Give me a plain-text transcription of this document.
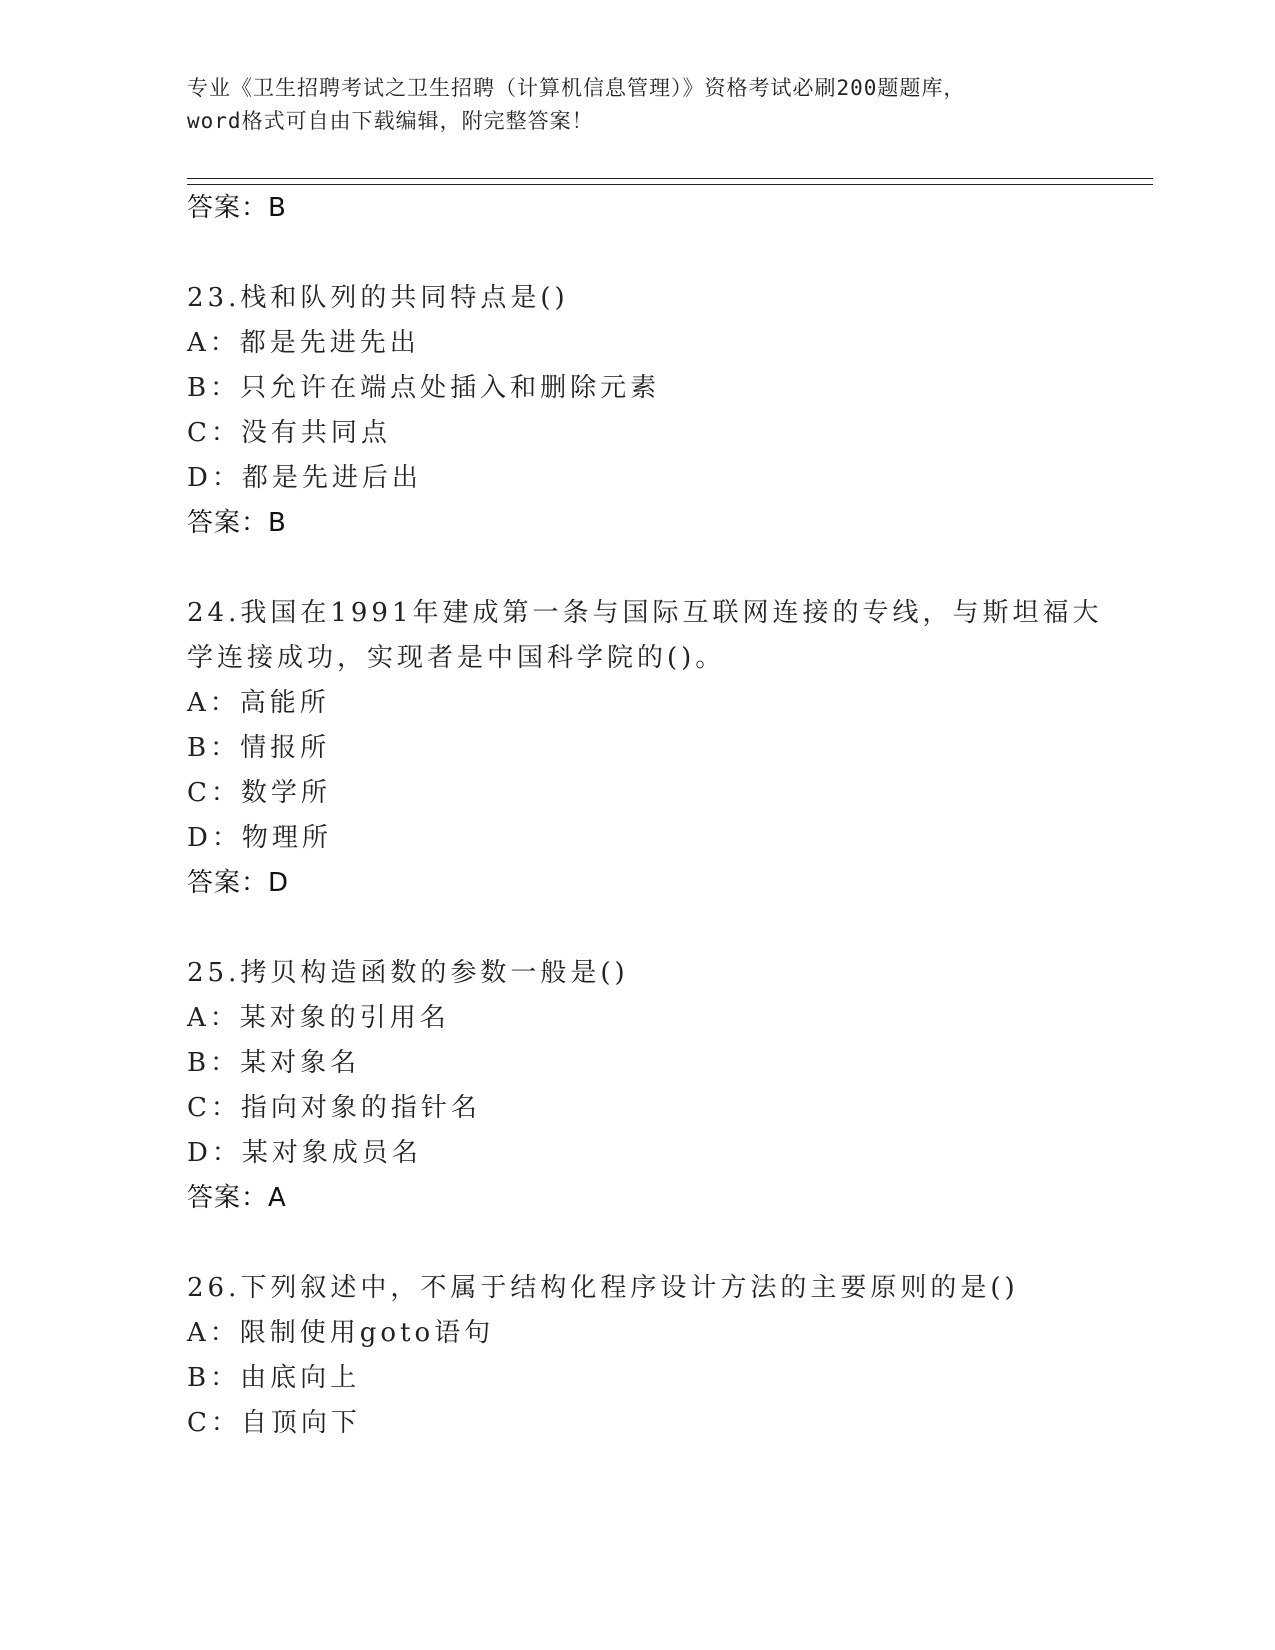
专业《卫生招聘考试之卫生招聘（计算机信息管理）》资格考试必刷200题题库，
word格式可自由下载编辑，附完整答案！
答案：B
23.栈和队列的共同特点是()
A：都是先进先出
B：只允许在端点处插入和删除元素
C：没有共同点
D：都是先进后出
答案：B
24.我国在1991年建成第一条与国际互联网连接的专线，与斯坦福大
学连接成功，实现者是中国科学院的()。
A：高能所
B：情报所
C：数学所
D：物理所
答案：D
25.拷贝构造函数的参数一般是()
A：某对象的引用名
B：某对象名
C：指向对象的指针名
D：某对象成员名
答案：A
26.下列叙述中，不属于结构化程序设计方法的主要原则的是()
A：限制使用goto语句
B：由底向上
C：自顶向下
